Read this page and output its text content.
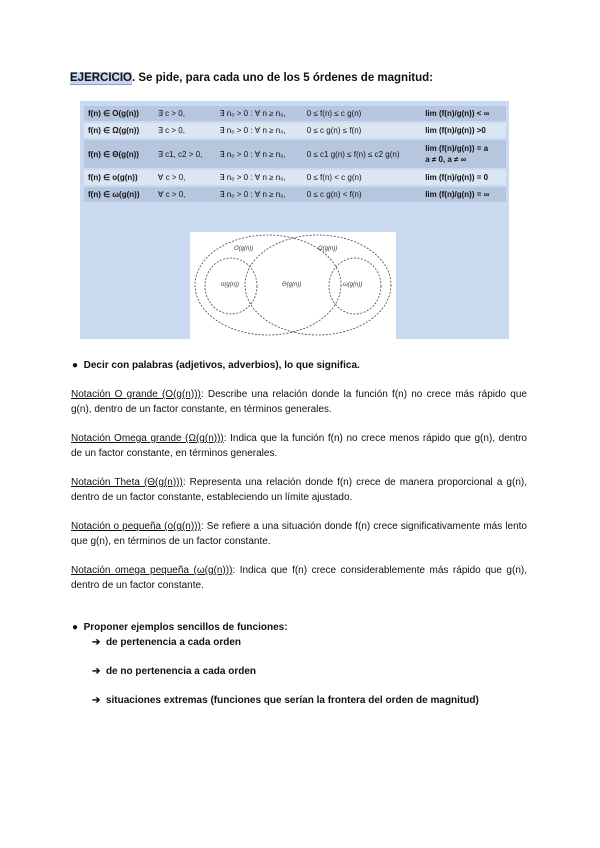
EJERCICIO. Se pide, para cada uno de los 5 órdenes de magnitud:
f(n) ∈ O(g(n))	∃ c > 0,	∃ n₀ > 0 : ∀ n ≥ n₀,	0 ≤ f(n) ≤ c g(n)	lim (f(n)/g(n)) < ∞
f(n) ∈ Ω(g(n))	∃ c > 0,	∃ n₀ > 0 : ∀ n ≥ n₀,	0 ≤ c g(n) ≤ f(n)	lim (f(n)/g(n)) >0
f(n) ∈ Θ(g(n))	∃ c1, c2 > 0,	∃ n₀ > 0 : ∀ n ≥ n₀,	0 ≤ c1 g(n) ≤ f(n) ≤ c2 g(n)	lim (f(n)/g(n)) = a
a ≠ 0, a ≠ ∞
f(n) ∈ o(g(n))	∀ c > 0,	∃ n₀ > 0 : ∀ n ≥ n₀,	0 ≤ f(n) < c g(n)	lim (f(n)/g(n)) = 0
f(n) ∈ ω(g(n))	∀ c > 0,	∃ n₀ > 0 : ∀ n ≥ n₀,	0 ≤ c g(n) < f(n)	lim (f(n)/g(n)) = ∞
O(g(n))	Ω(g(n))
o(g(n))	Θ(g(n))	ω(g(n))
●  Decir con palabras (adjetivos, adverbios), lo que significa.
Notación O grande (O(g(n))): Describe una relación donde la función f(n) no crece más rápido que g(n), dentro de un factor constante, en términos generales.
Notación Omega grande (Ω(g(n))): Indica que la función f(n) no crece menos rápido que g(n), dentro de un factor constante, en términos generales.
Notación Theta (Θ(g(n))): Representa una relación donde f(n) crece de manera proporcional a g(n), dentro de un factor constante, estableciendo un límite ajustado.
Notación o pequeña (o(g(n))): Se refiere a una situación donde f(n) crece significativamente más lento que g(n), en términos de un factor constante.
Notación omega pequeña (ω(g(n))): Indica que f(n) crece considerablemente más rápido que g(n), dentro de un factor constante.
●  Proponer ejemplos sencillos de funciones:
➔ de pertenencia a cada orden
➔ de no pertenencia a cada orden
➔ situaciones extremas (funciones que serían la frontera del orden de magnitud)
